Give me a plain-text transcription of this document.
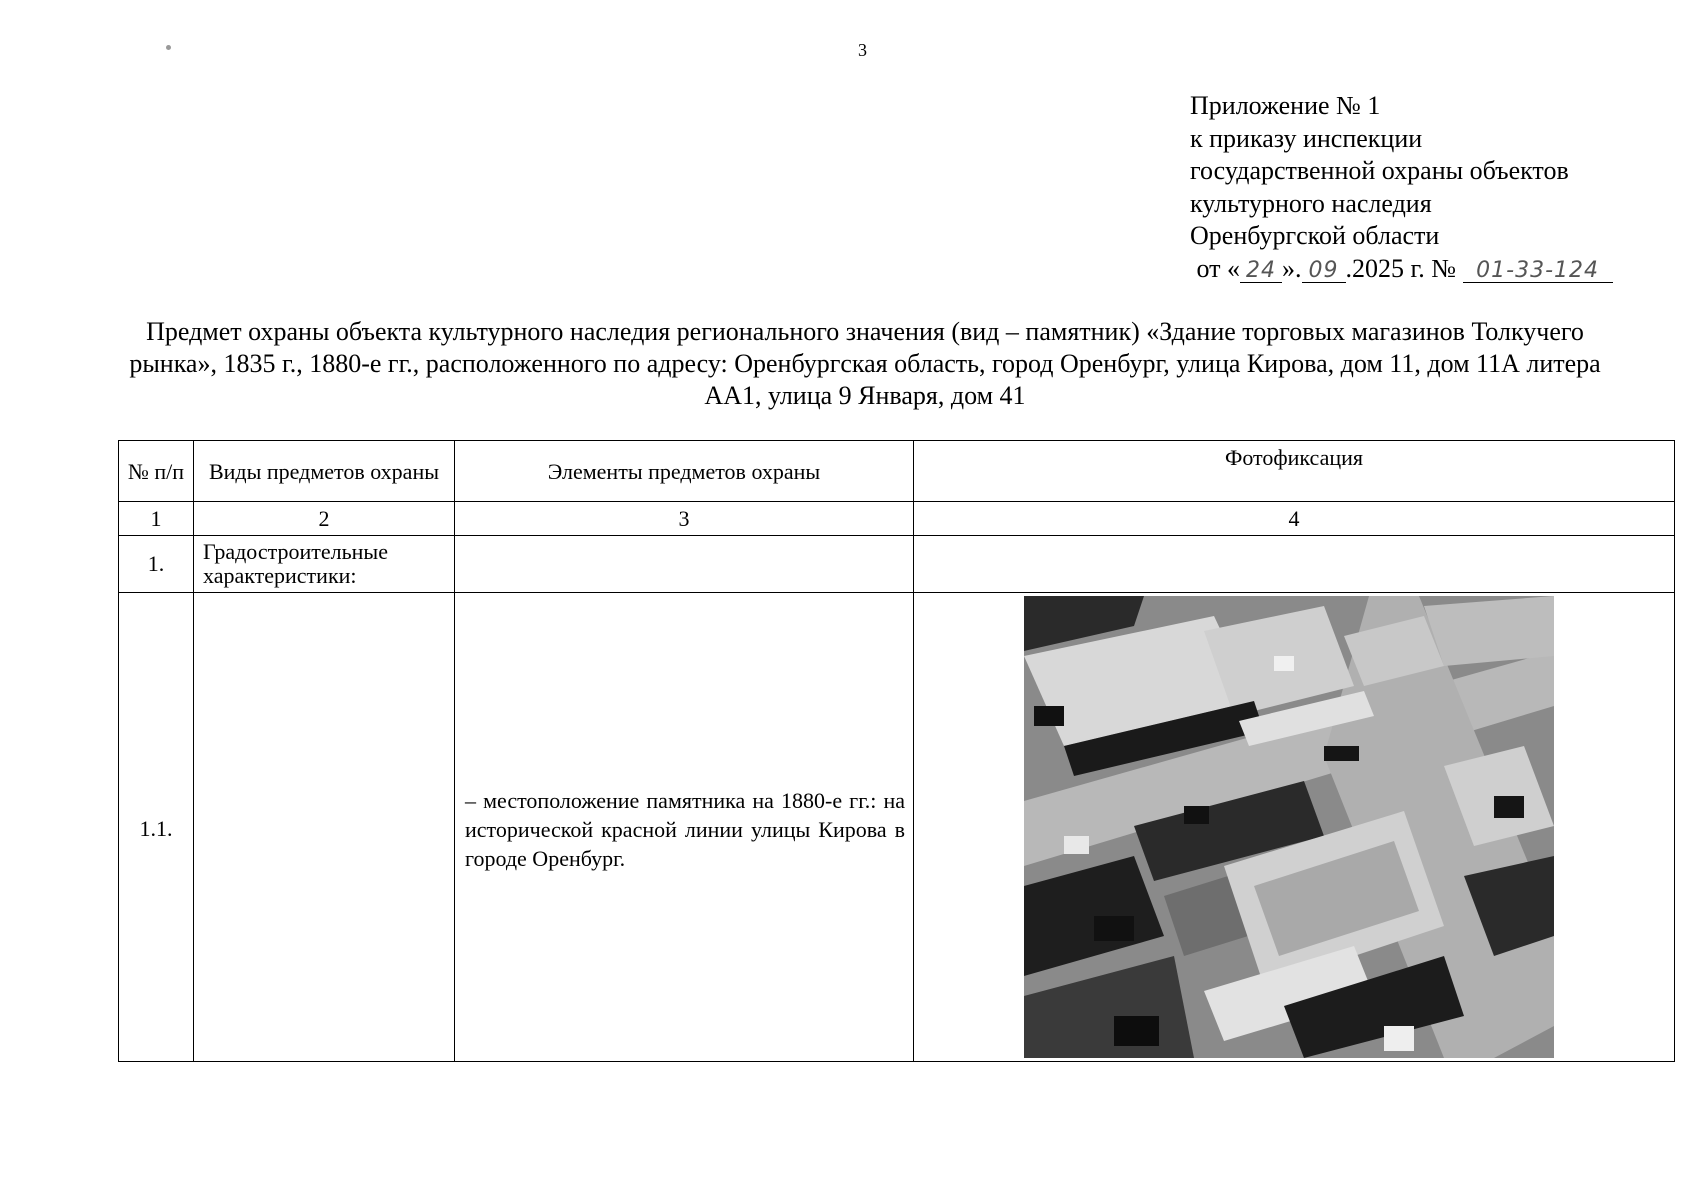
3
Приложение № 1
к приказу инспекции
государственной охраны объектов
культурного наследия
Оренбургской области
от « 24 ». 09 .2025 г. № 01-33-124
Предмет охраны объекта культурного наследия регионального значения (вид – памятник) «Здание торговых магазинов Толкучего рынка», 1835 г., 1880-е гг., расположенного по адресу: Оренбургская область, город Оренбург, улица Кирова, дом 11, дом 11А литера АА1, улица 9 Января, дом 41
№ п/п	Виды предметов охраны	Элементы предметов охраны	Фотофиксация
1	2	3	4
1.	Градостроительные характеристики:		
1.1.		– местоположение памятника на 1880-е гг.: на исторической красной линии улицы Кирова в городе Оренбург.	
